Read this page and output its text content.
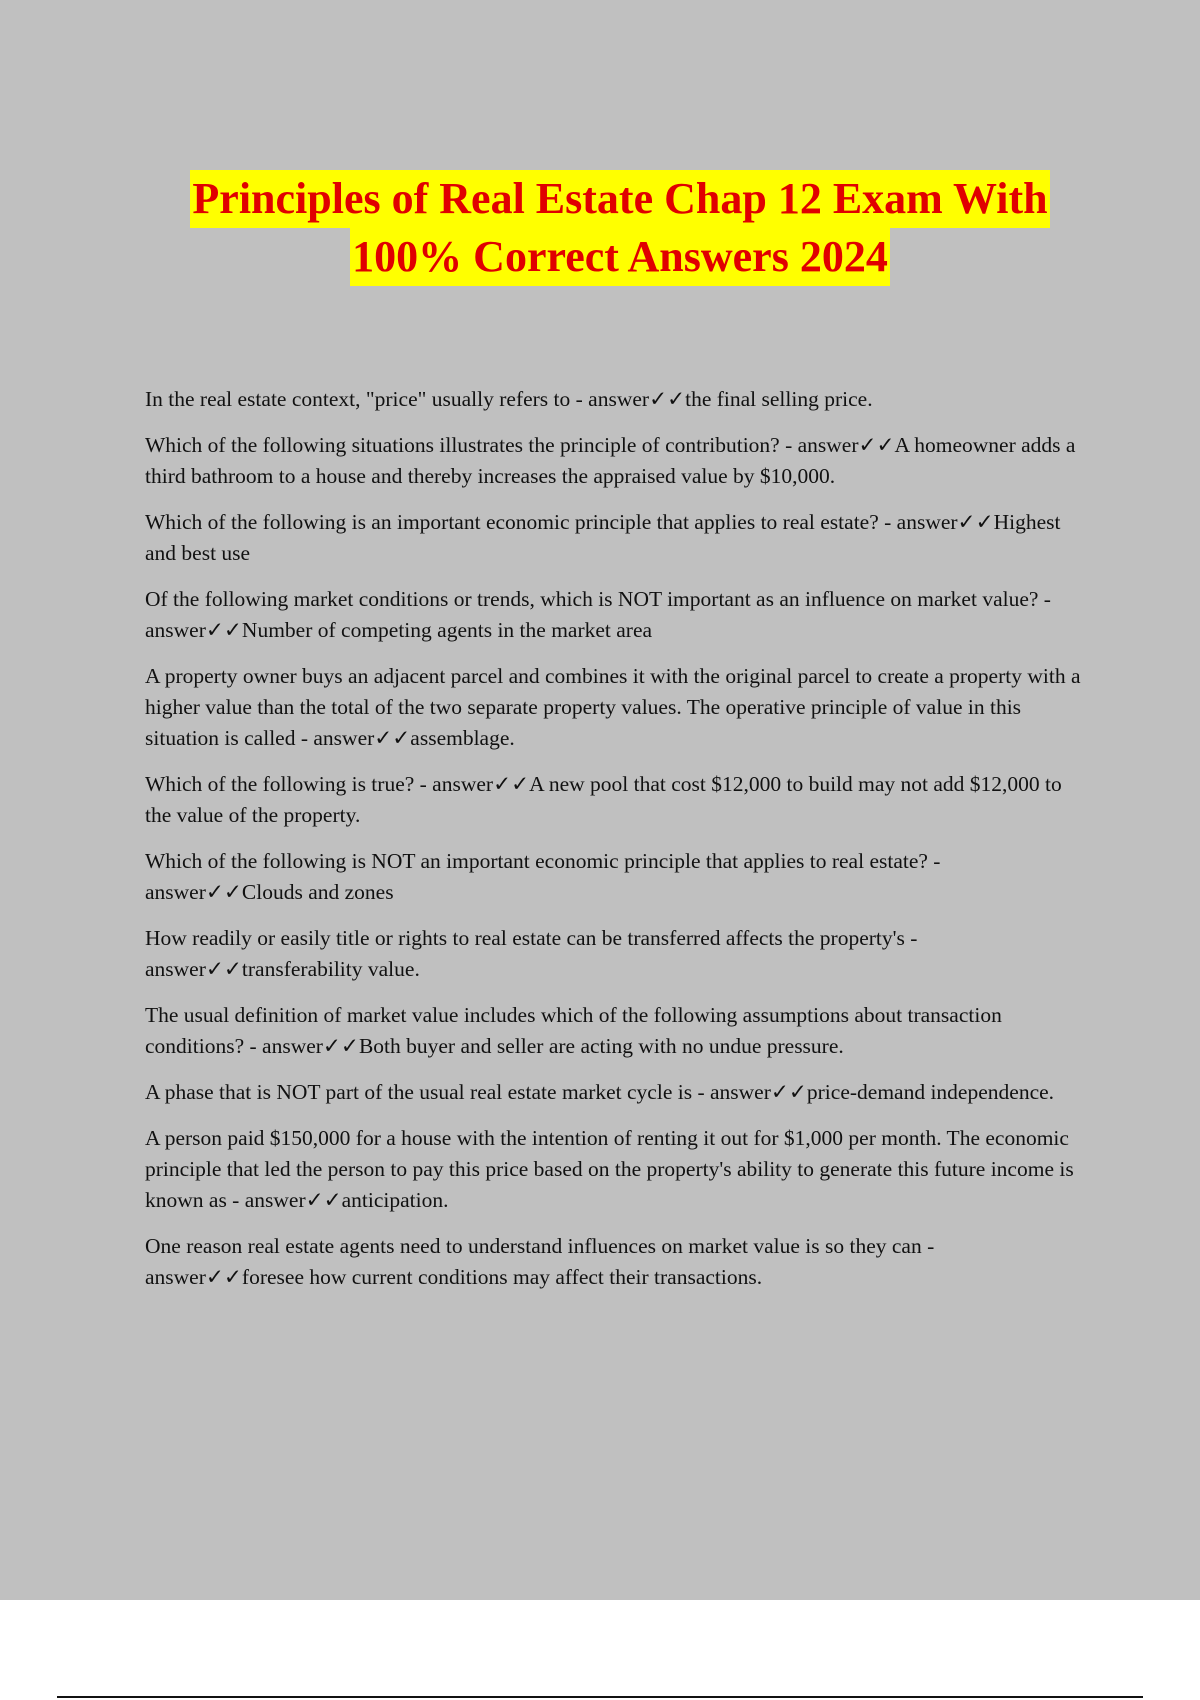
Principles of Real Estate Chap 12 Exam With
100% Correct Answers 2024

In the real estate context, "price" usually refers to - answer✓✓the final selling price.

Which of the following situations illustrates the principle of contribution? - answer✓✓A homeowner adds a third bathroom to a house and thereby increases the appraised value by $10,000.

Which of the following is an important economic principle that applies to real estate? - answer✓✓Highest and best use

Of the following market conditions or trends, which is NOT important as an influence on market value? - answer✓✓Number of competing agents in the market area

A property owner buys an adjacent parcel and combines it with the original parcel to create a property with a higher value than the total of the two separate property values. The operative principle of value in this situation is called - answer✓✓assemblage.

Which of the following is true? - answer✓✓A new pool that cost $12,000 to build may not add $12,000 to the value of the property.

Which of the following is NOT an important economic principle that applies to real estate? - answer✓✓Clouds and zones

How readily or easily title or rights to real estate can be transferred affects the property's - answer✓✓transferability value.

The usual definition of market value includes which of the following assumptions about transaction conditions? - answer✓✓Both buyer and seller are acting with no undue pressure.

A phase that is NOT part of the usual real estate market cycle is - answer✓✓price-demand independence.

A person paid $150,000 for a house with the intention of renting it out for $1,000 per month. The economic principle that led the person to pay this price based on the property's ability to generate this future income is known as - answer✓✓anticipation.

One reason real estate agents need to understand influences on market value is so they can - answer✓✓foresee how current conditions may affect their transactions.
